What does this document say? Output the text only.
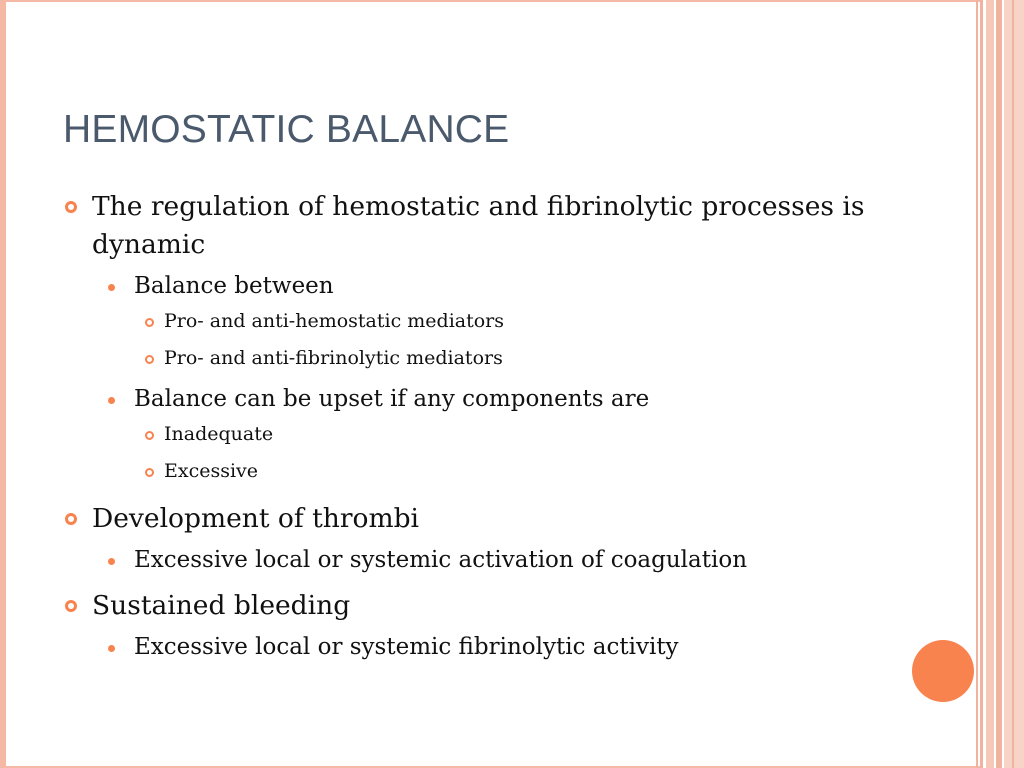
HEMOSTATIC BALANCE

The regulation of hemostatic and fibrinolytic processes is dynamic

Balance between

Pro- and anti-hemostatic mediators

Pro- and anti-fibrinolytic mediators

Balance can be upset if any components are

Inadequate

Excessive

Development of thrombi

Excessive local or systemic activation of coagulation

Sustained bleeding

Excessive local or systemic fibrinolytic activity
